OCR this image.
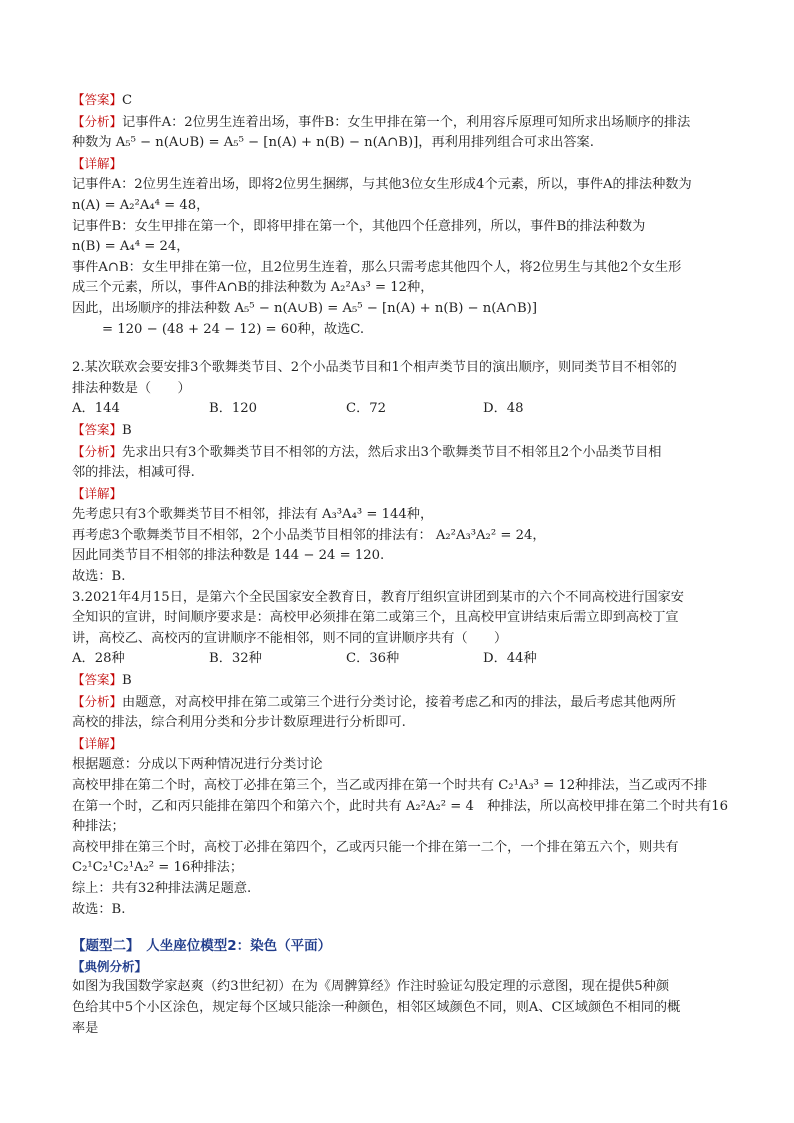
【答案】C
【分析】记事件A：2位男生连着出场，事件B：女生甲排在第一个，利用容斥原理可知所求出场顺序的排法
种数为 A₅⁵ − n(A∪B) = A₅⁵ − [n(A) + n(B) − n(A∩B)]，再利用排列组合可求出答案.
【详解】
记事件A：2位男生连着出场，即将2位男生捆绑，与其他3位女生形成4个元素，所以，事件A的排法种数为
n(A) = A₂²A₄⁴ = 48，
记事件B：女生甲排在第一个，即将甲排在第一个，其他四个任意排列，所以，事件B的排法种数为
n(B) = A₄⁴ = 24，
事件A∩B：女生甲排在第一位，且2位男生连着，那么只需考虑其他四个人，将2位男生与其他2个女生形
成三个元素，所以，事件A∩B的排法种数为 A₂²A₃³ = 12种，
因此，出场顺序的排法种数 A₅⁵ − n(A∪B) = A₅⁵ − [n(A) + n(B) − n(A∩B)]
= 120 − (48 + 24 − 12) = 60种，故选C.
2.某次联欢会要安排3个歌舞类节目、2个小品类节目和1个相声类节目的演出顺序，则同类节目不相邻的
排法种数是（　　）
A．144	B．120	C．72	D．48
【答案】B
【分析】先求出只有3个歌舞类节目不相邻的方法，然后求出3个歌舞类节目不相邻且2个小品类节目相
邻的排法，相减可得.
【详解】
先考虑只有3个歌舞类节目不相邻，排法有 A₃³A₄³ = 144种，
再考虑3个歌舞类节目不相邻，2个小品类节目相邻的排法有： A₂²A₃³A₂² = 24，
因此同类节目不相邻的排法种数是 144 − 24 = 120.
故选：B.
3.2021年4月15日，是第六个全民国家安全教育日，教育厅组织宣讲团到某市的六个不同高校进行国家安
全知识的宣讲，时间顺序要求是：高校甲必须排在第二或第三个，且高校甲宣讲结束后需立即到高校丁宣
讲，高校乙、高校丙的宣讲顺序不能相邻，则不同的宣讲顺序共有（　　）
A．28种	B．32种	C．36种	D．44种
【答案】B
【分析】由题意，对高校甲排在第二或第三个进行分类讨论，接着考虑乙和丙的排法，最后考虑其他两所
高校的排法，综合利用分类和分步计数原理进行分析即可.
【详解】
根据题意：分成以下两种情况进行分类讨论
高校甲排在第二个时，高校丁必排在第三个，当乙或丙排在第一个时共有 C₂¹A₃³ = 12种排法，当乙或丙不排
在第一个时，乙和丙只能排在第四个和第六个，此时共有 A₂²A₂² = 4　种排法，所以高校甲排在第二个时共有16
种排法；
高校甲排在第三个时，高校丁必排在第四个，乙或丙只能一个排在第一二个，一个排在第五六个，则共有
C₂¹C₂¹C₂¹A₂² = 16种排法；
综上：共有32种排法满足题意.
故选：B.
【题型二】　人坐座位模型2：染色（平面）
【典例分析】
如图为我国数学家赵爽（约3世纪初）在为《周髀算经》作注时验证勾股定理的示意图，现在提供5种颜
色给其中5个小区涂色，规定每个区域只能涂一种颜色，相邻区域颜色不同，则A、C区域颜色不相同的概
率是
